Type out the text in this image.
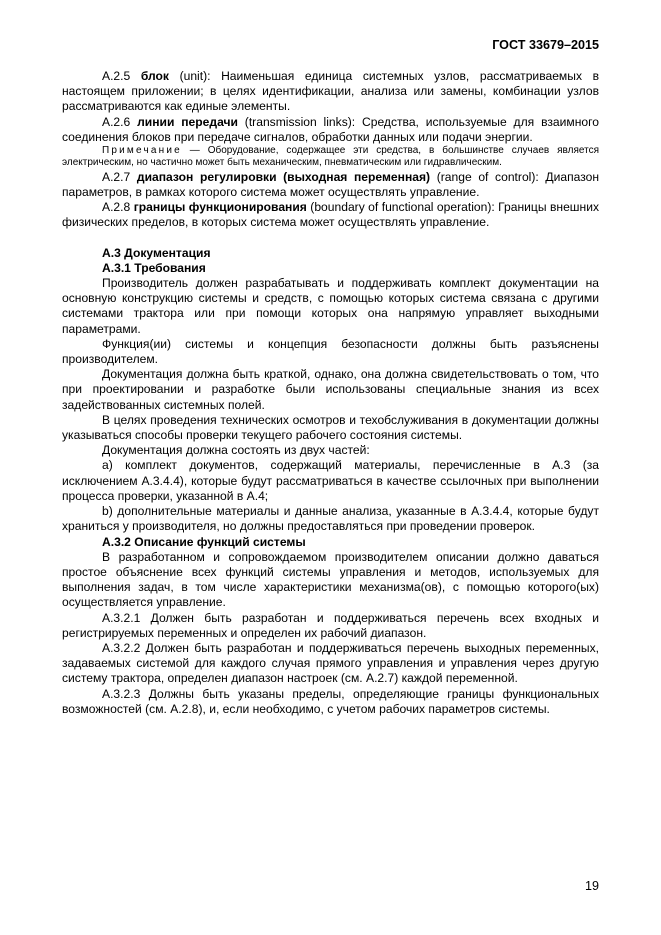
ГОСТ 33679–2015

А.2.5 блок (unit): Наименьшая единица системных узлов, рассматриваемых в настоящем приложении; в целях идентификации, анализа или замены, комбинации узлов рассматриваются как единые элементы.

А.2.6 линии передачи (transmission links): Средства, используемые для взаимного соединения блоков при передаче сигналов, обработки данных или подачи энергии.

Примечание — Оборудование, содержащее эти средства, в большинстве случаев является электрическим, но частично может быть механическим, пневматическим или гидравлическим.

А.2.7 диапазон регулировки (выходная переменная) (range of control): Диапазон параметров, в рамках которого система может осуществлять управление.

А.2.8 границы функционирования (boundary of functional operation): Границы внешних физических пределов, в которых система может осуществлять управление.

А.3 Документация

А.3.1 Требования

Производитель должен разрабатывать и поддерживать комплект документации на основную конструкцию системы и средств, с помощью которых система связана с другими системами трактора или при помощи которых она напрямую управляет выходными параметрами.

Функция(ии) системы и концепция безопасности должны быть разъяснены производителем.

Документация должна быть краткой, однако, она должна свидетельствовать о том, что при проектировании и разработке были использованы специальные знания из всех задействованных системных полей.

В целях проведения технических осмотров и техобслуживания в документации должны указываться способы проверки текущего рабочего состояния системы.

Документация должна состоять из двух частей:

a) комплект документов, содержащий материалы, перечисленные в А.3 (за исключением А.3.4.4), которые будут рассматриваться в качестве ссылочных при выполнении процесса проверки, указанной в А.4;

b) дополнительные материалы и данные анализа, указанные в А.3.4.4, которые будут храниться у производителя, но должны предоставляться при проведении проверок.

А.3.2 Описание функций системы

В разработанном и сопровождаемом производителем описании должно даваться простое объяснение всех функций системы управления и методов, используемых для выполнения задач, в том числе характеристики механизма(ов), с помощью которого(ых) осуществляется управление.

А.3.2.1 Должен быть разработан и поддерживаться перечень всех входных и регистрируемых переменных и определен их рабочий диапазон.

А.3.2.2 Должен быть разработан и поддерживаться перечень выходных переменных, задаваемых системой для каждого случая прямого управления и управления через другую систему трактора, определен диапазон настроек (см. А.2.7) каждой переменной.

А.3.2.3 Должны быть указаны пределы, определяющие границы функциональных возможностей (см. А.2.8), и, если необходимо, с учетом рабочих параметров системы.

19
